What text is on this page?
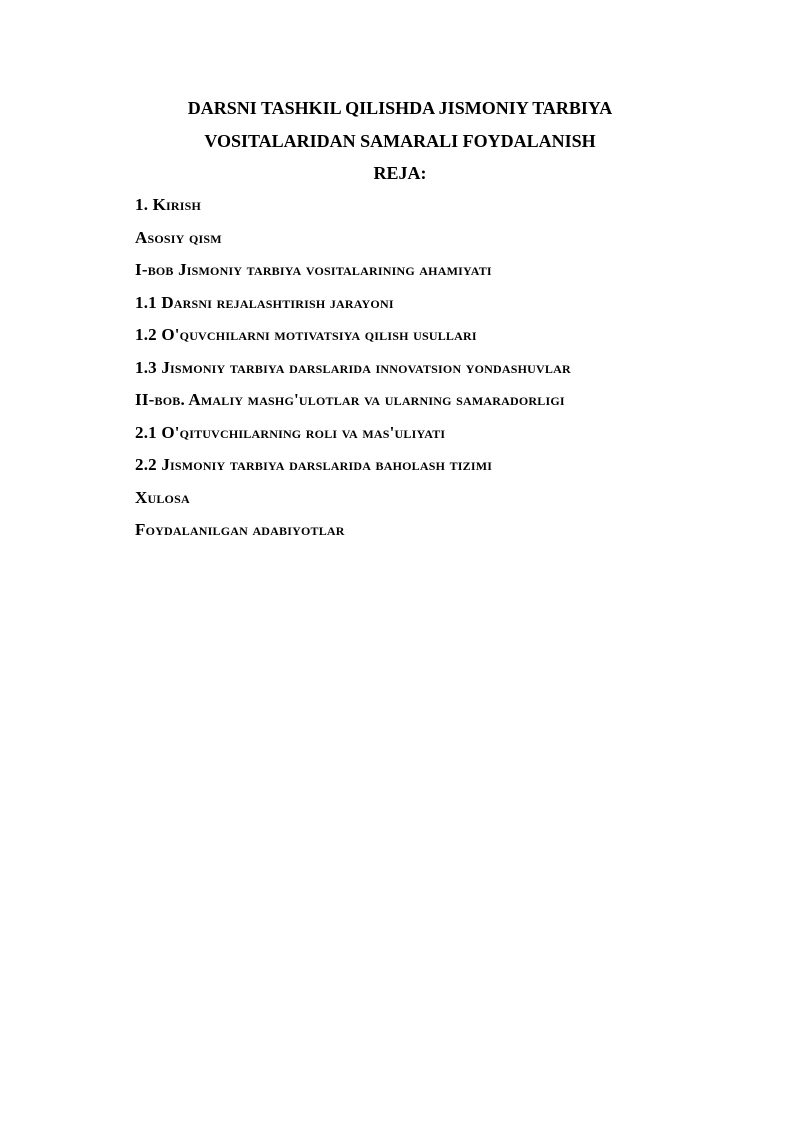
DARSNI TASHKIL QILISHDA JISMONIY TARBIYA
VOSITALARIDAN SAMARALI FOYDALANISH
REJA:
1. Kirish
Asosiy qism
I-bob Jismoniy tarbiya vositalarining ahamiyati
1.1 Darsni rejalashtirish jarayoni
1.2 O'quvchilarni motivatsiya qilish usullari
1.3 Jismoniy tarbiya darslarida innovatsion yondashuvlar
II-bob. Amaliy mashg'ulotlar va ularning samaradorligi
2.1 O'qituvchilarning roli va mas'uliyati
2.2 Jismoniy tarbiya darslarida baholash tizimi
Xulosa
Foydalanilgan adabiyotlar
